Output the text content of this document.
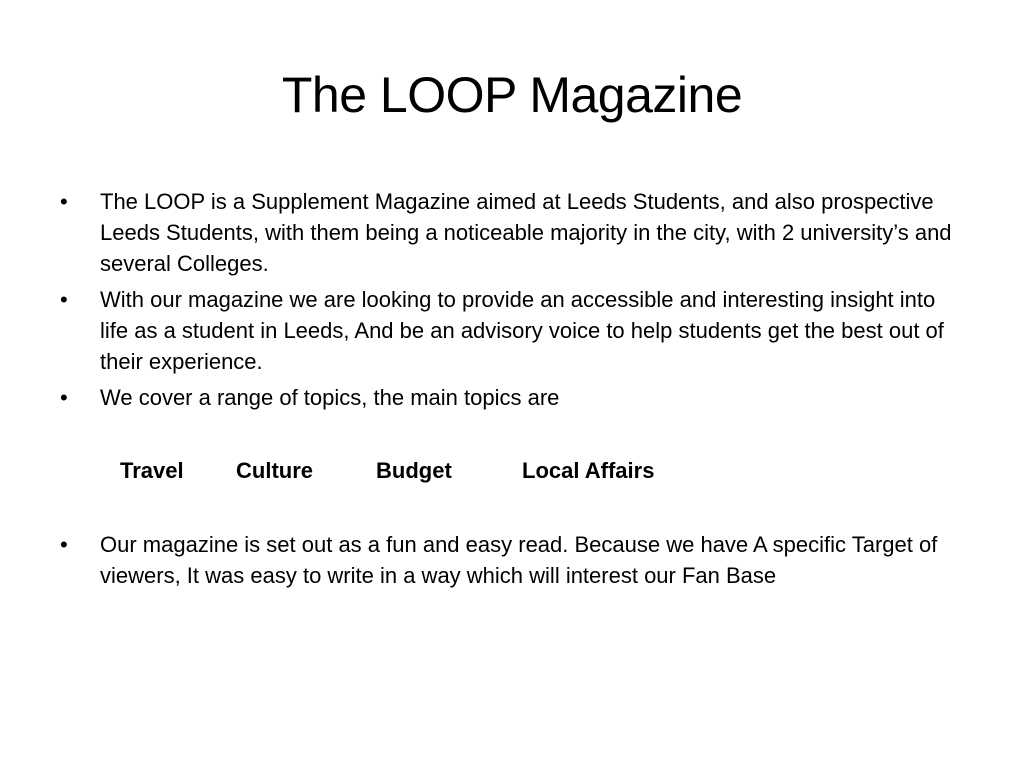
The LOOP Magazine

•	The LOOP is a Supplement Magazine aimed at Leeds Students, and also prospective Leeds Students, with them being a noticeable majority in the city, with 2 university’s and several Colleges.

•	With our magazine we are looking to provide an accessible and interesting insight into life as a student in Leeds, And be an advisory voice to help students get the best out of their experience.

•	We cover a range of topics, the main topics are

Travel Culture	Budget	Local Affairs

•	Our magazine is set out as a fun and easy read. Because we have A specific Target of viewers, It was easy to write in a way which will interest our Fan Base
